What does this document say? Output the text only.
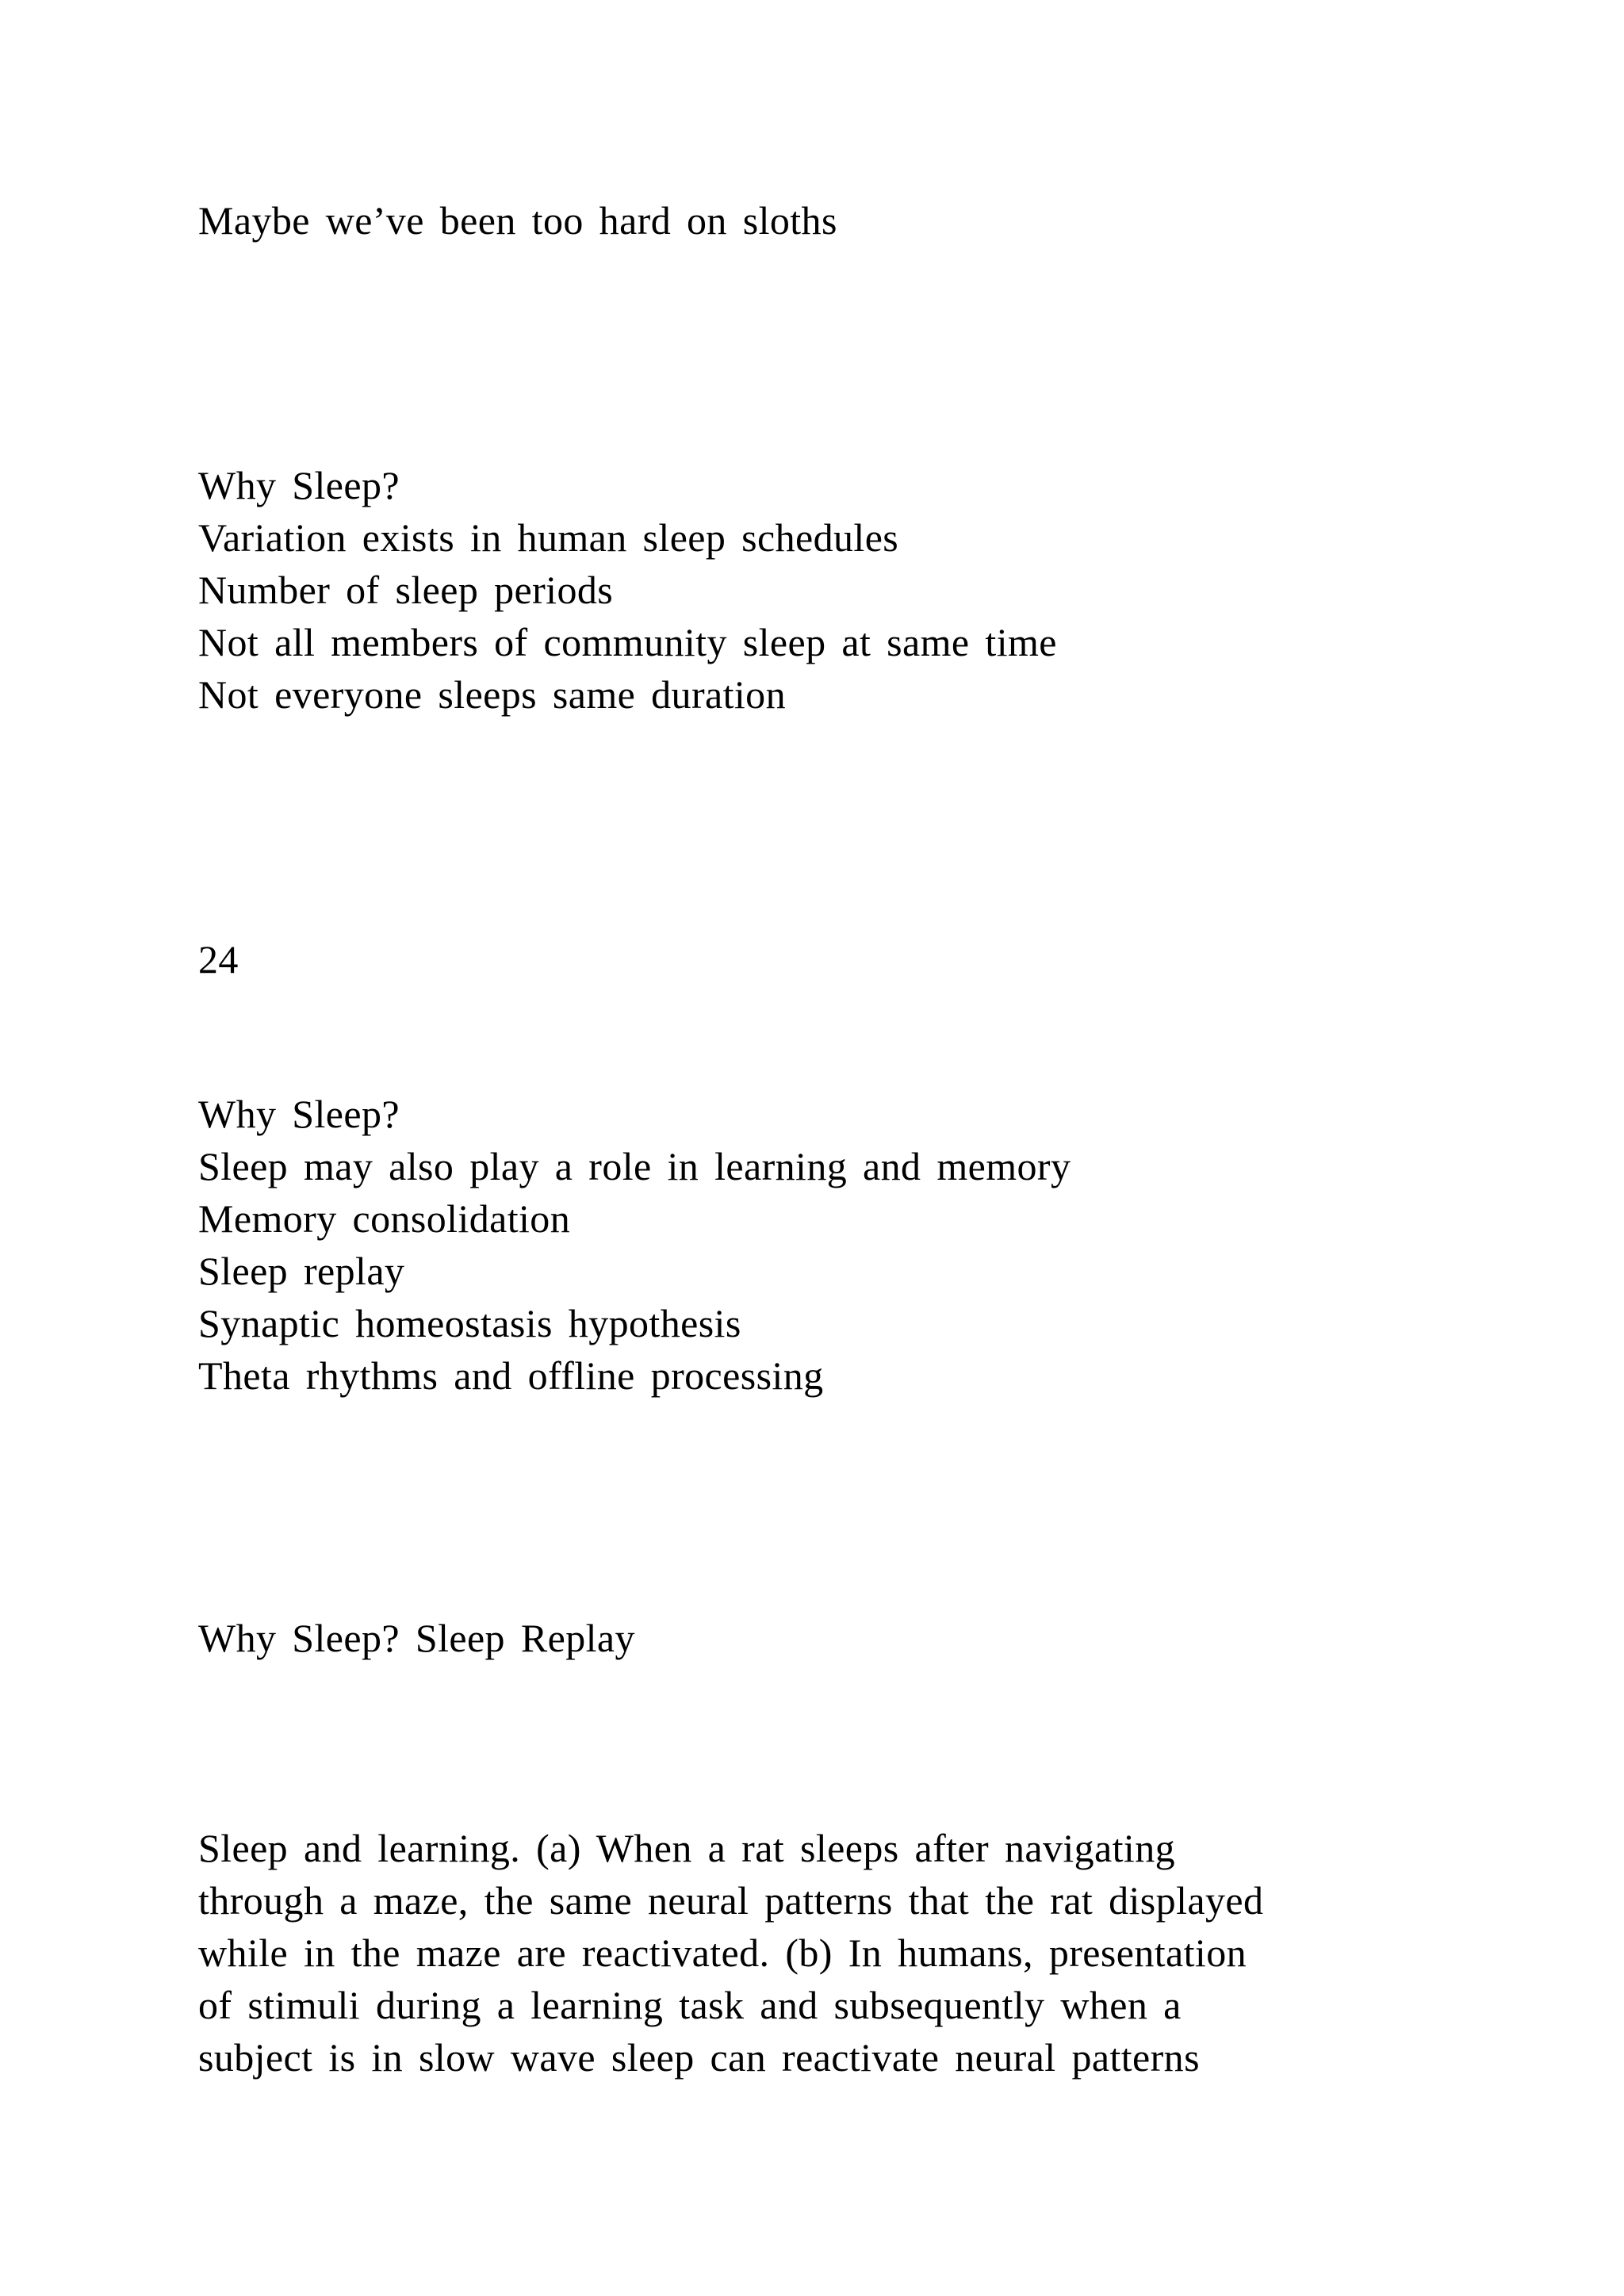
Maybe we’ve been too hard on sloths

Why Sleep?

Variation exists in human sleep schedules

Number of sleep periods

Not all members of community sleep at same time

Not everyone sleeps same duration

24

Why Sleep?

Sleep may also play a role in learning and memory

Memory consolidation

Sleep replay

Synaptic homeostasis hypothesis

Theta rhythms and offline processing

Why Sleep? Sleep Replay

Sleep and learning. (a) When a rat sleeps after navigating

through a maze, the same neural patterns that the rat displayed

while in the maze are reactivated. (b) In humans, presentation

of stimuli during a learning task and subsequently when a

subject is in slow wave sleep can reactivate neural patterns
